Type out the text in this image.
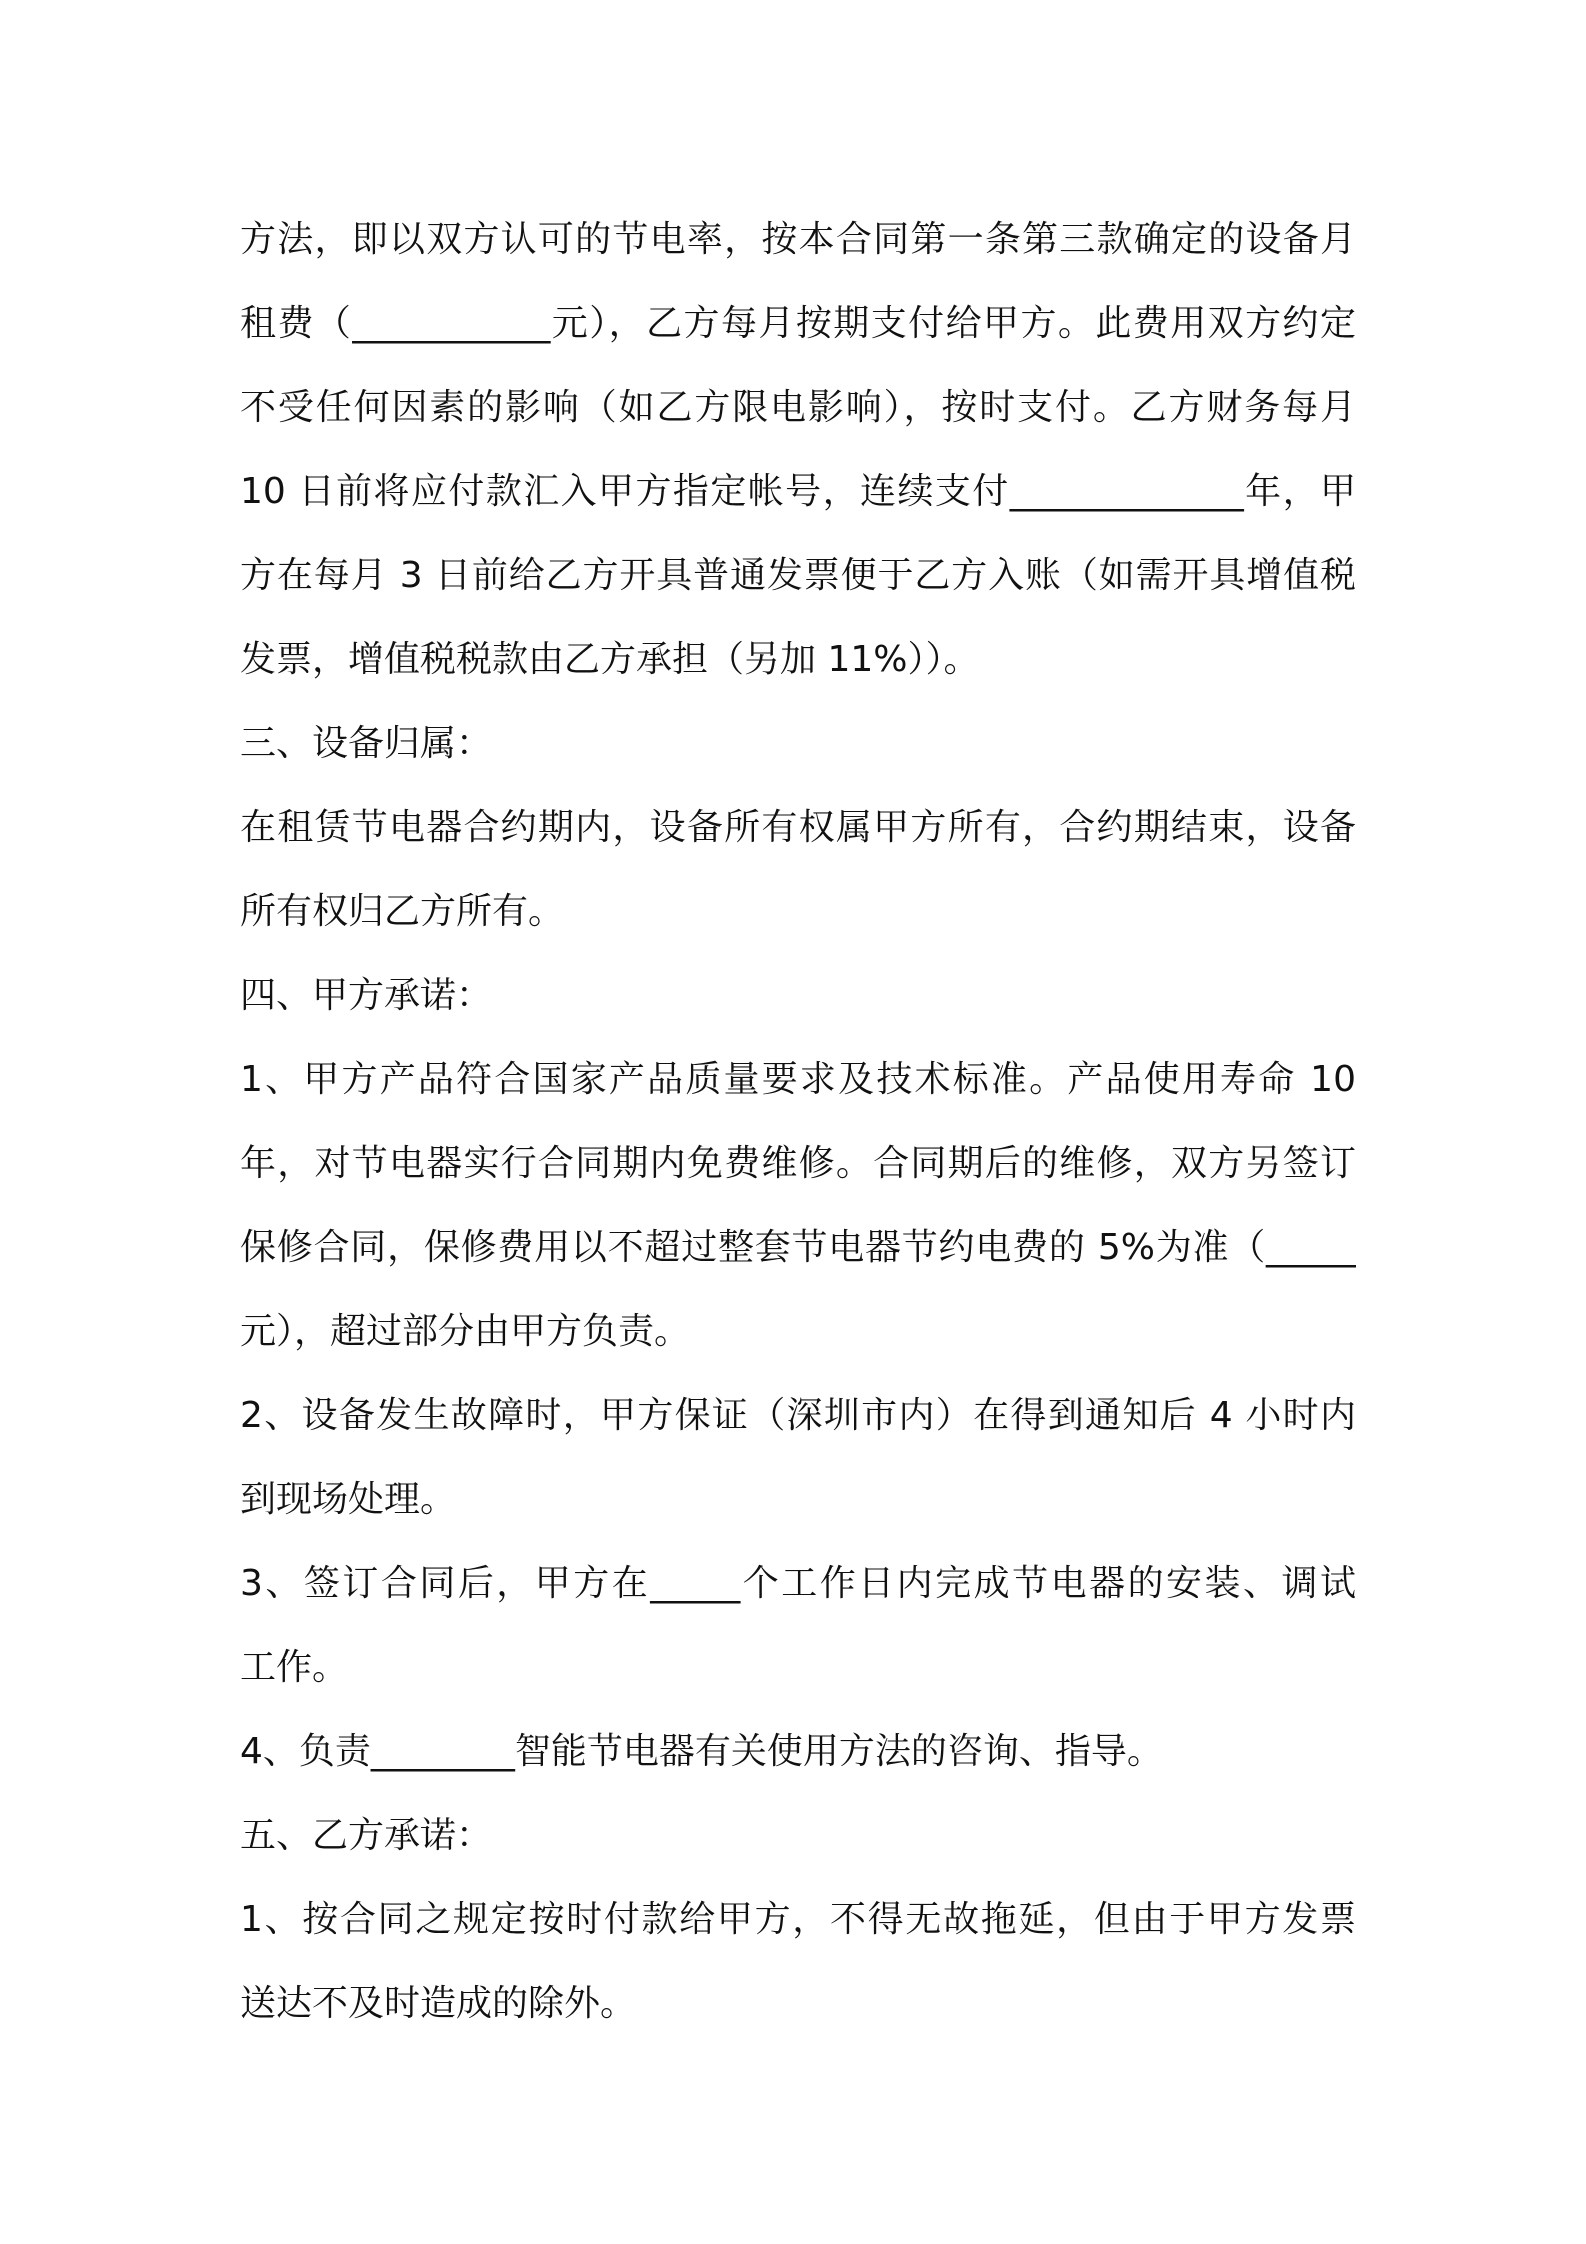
方法，即以双方认可的节电率，按本合同第一条第三款确定的设备月
租费（___________元），乙方每月按期支付给甲方。此费用双方约定
不受任何因素的影响（如乙方限电影响），按时支付。乙方财务每月
10 日前将应付款汇入甲方指定帐号，连续支付_____________年，甲
方在每月 3 日前给乙方开具普通发票便于乙方入账（如需开具增值税
发票，增值税税款由乙方承担（另加 11%））。
三、设备归属：
在租赁节电器合约期内，设备所有权属甲方所有，合约期结束，设备
所有权归乙方所有。
四、甲方承诺：
1、甲方产品符合国家产品质量要求及技术标准。产品使用寿命 10
年，对节电器实行合同期内免费维修。合同期后的维修，双方另签订
保修合同，保修费用以不超过整套节电器节约电费的 5%为准（_____
元），超过部分由甲方负责。
2、设备发生故障时，甲方保证（深圳市内）在得到通知后 4 小时内
到现场处理。
3、签订合同后，甲方在_____个工作日内完成节电器的安装、调试
工作。
4、负责________智能节电器有关使用方法的咨询、指导。
五、乙方承诺：
1、按合同之规定按时付款给甲方，不得无故拖延，但由于甲方发票
送达不及时造成的除外。
